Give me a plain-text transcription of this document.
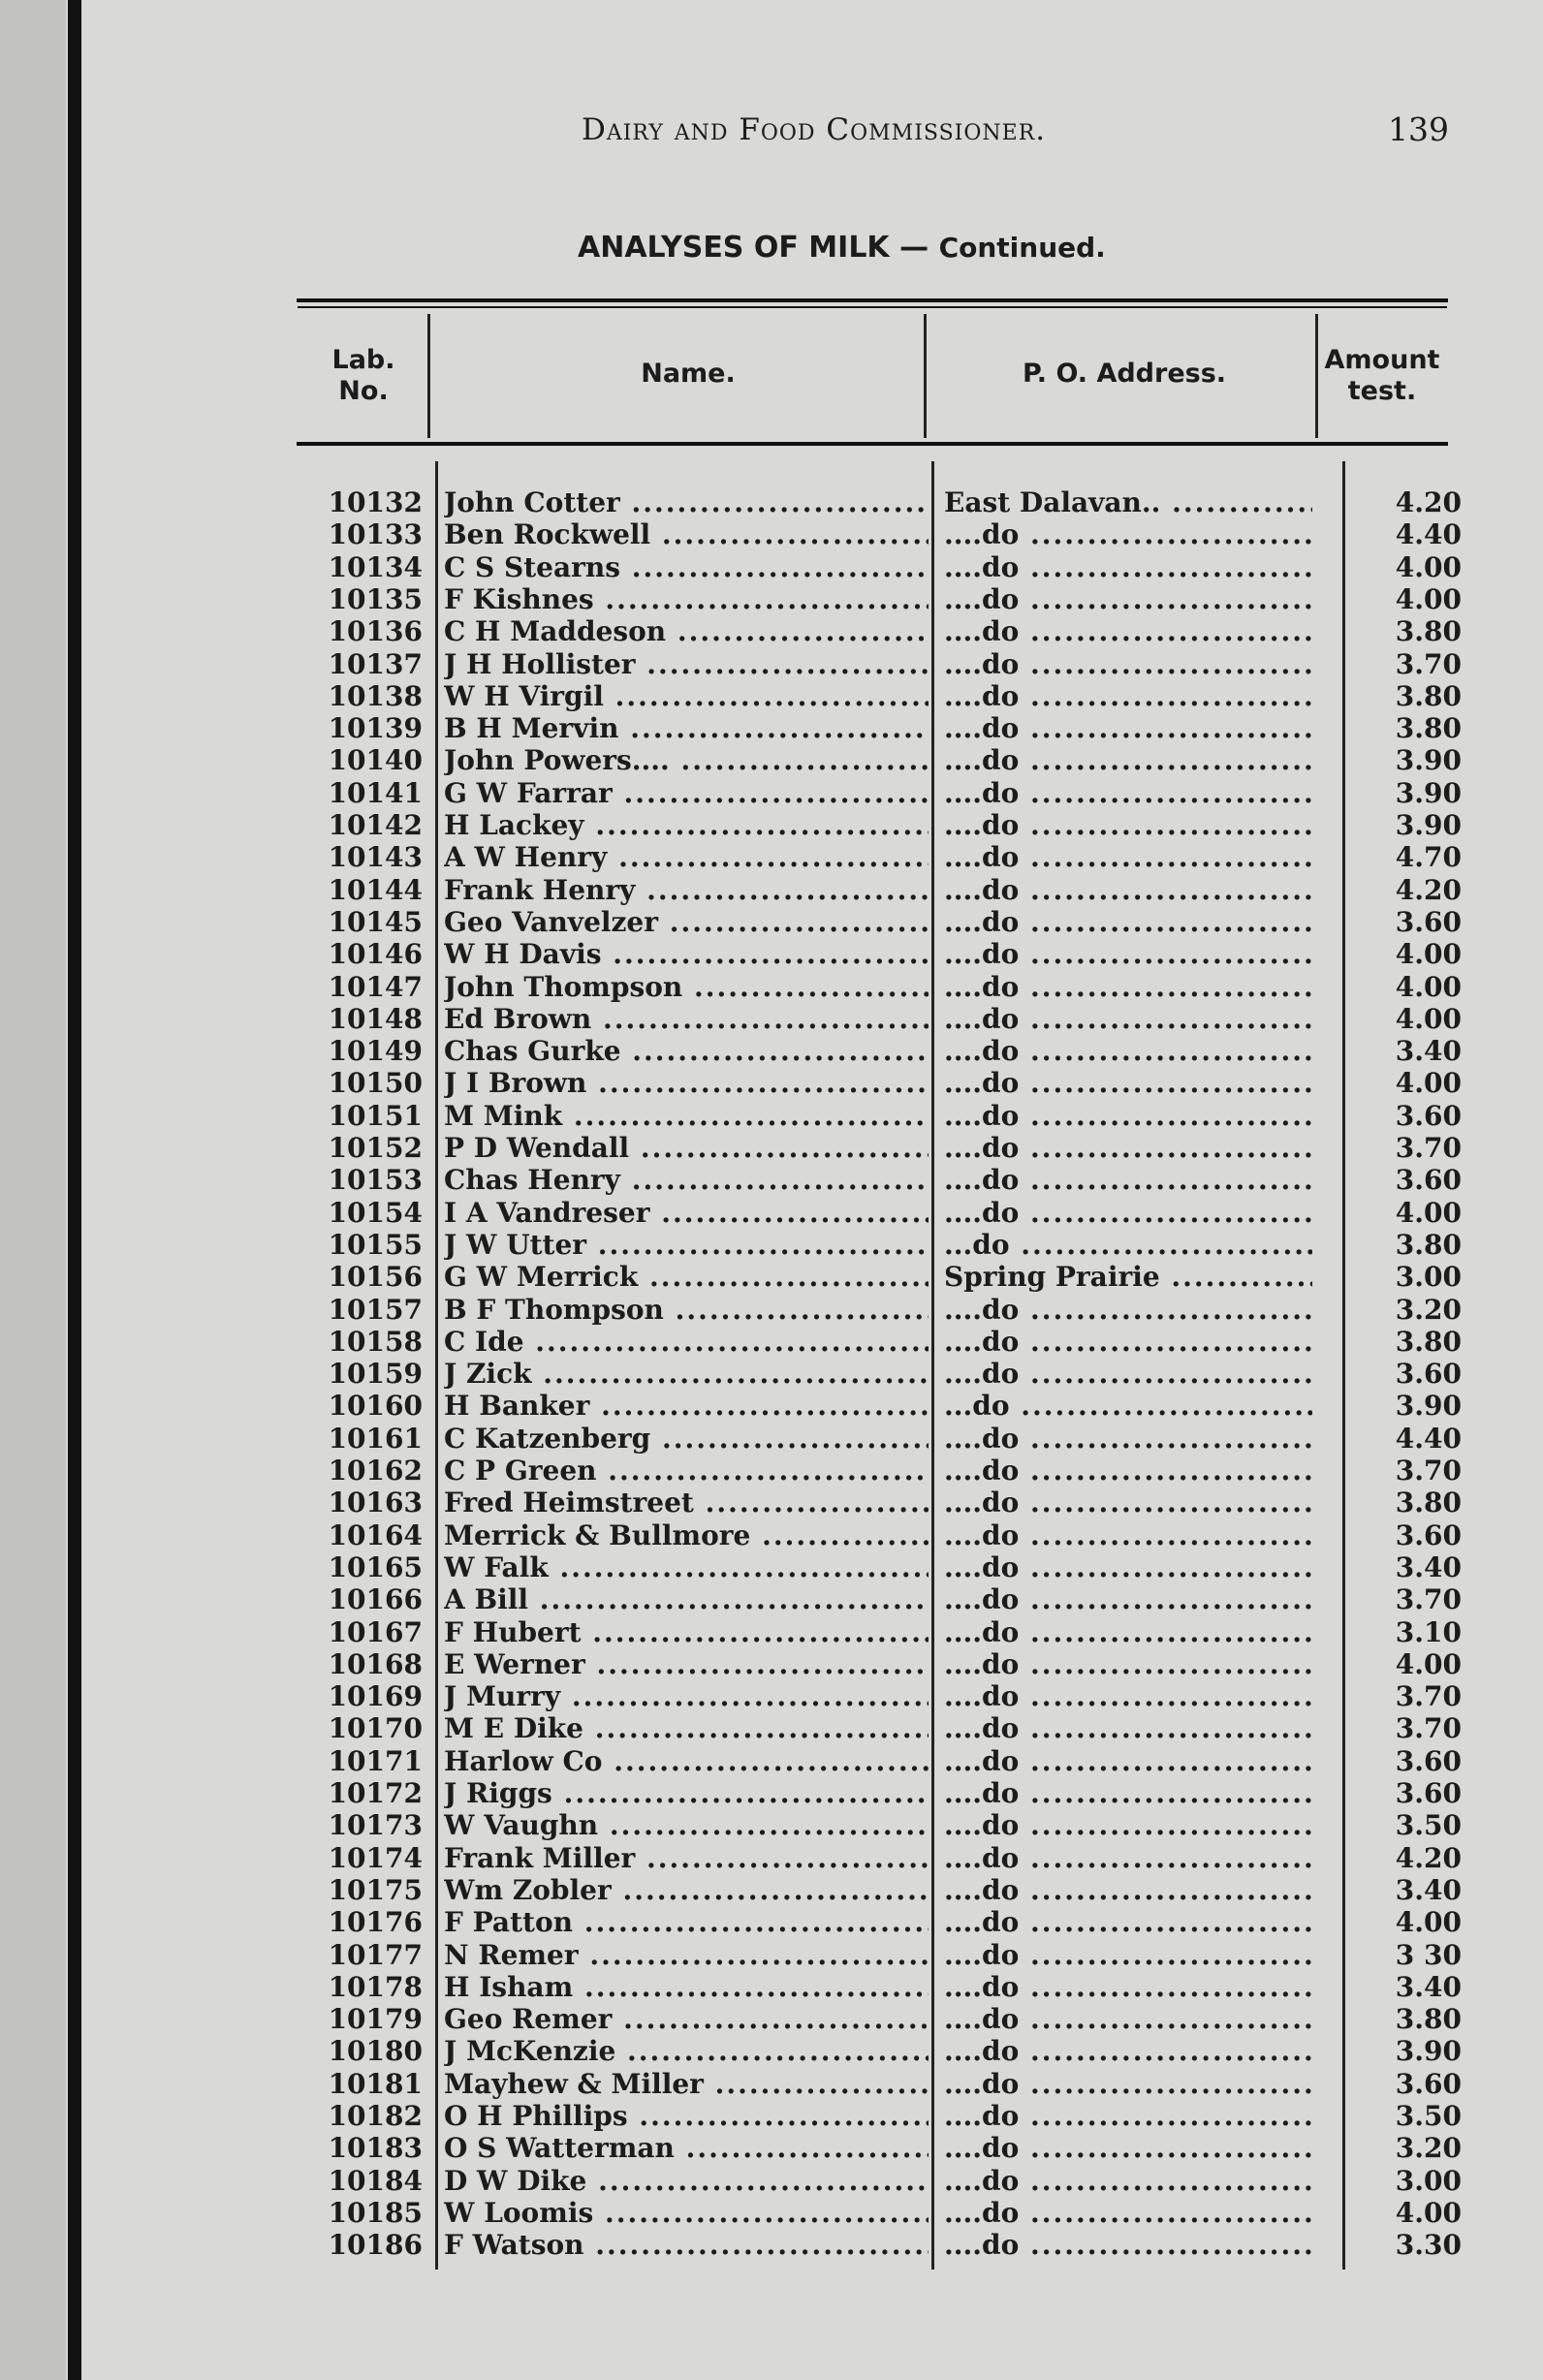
Dairy and Food Commissioner.	139
ANALYSES OF MILK — Continued.
Lab. No.
Name.	P. O. Address.	Amount test.
10132 John Cotter .....	East Dalavan.. .....	4.20
10133 Ben Rockwell .....	....do .....	4.40
10134 C S Stearns .....	....do .....	4.00
10135 F Kishnes .....	....do .....	4.00
10136 C H Maddeson .....	....do .....	3.80
10137 J H Hollister .....	....do .....	3.70
10138 W H Virgil .....	....do .....	3.80
10139 B H Mervin .....	....do .....	3.80
10140 John Powers.... .....	....do .....	3.90
10141 G W Farrar .....	....do .....	3.90
10142 H Lackey .....	....do .....	3.90
10143 A W Henry .....	....do .....	4.70
10144 Frank Henry .....	....do .....	4.20
10145 Geo Vanvelzer .....	....do .....	3.60
10146 W H Davis .....	....do .....	4.00
10147 John Thompson .....	....do .....	4.00
10148 Ed Brown .....	....do .....	4.00
10149 Chas Gurke .....	....do .....	3.40
10150 J I Brown .....	....do .....	4.00
10151 M Mink .....	....do .....	3.60
10152 P D Wendall .....	....do .....	3.70
10153 Chas Henry .....	....do .....	3.60
10154 I A Vandreser .....	....do .....	4.00
10155 J W Utter .....	...do .....	3.80
10156 G W Merrick .....	Spring Prairie .....	3.00
10157 B F Thompson .....	....do .....	3.20
10158 C Ide .....	....do .....	3.80
10159 J Zick .....	....do .....	3.60
10160 H Banker .....	...do .....	3.90
10161 C Katzenberg .....	....do .....	4.40
10162 C P Green .....	....do .....	3.70
10163 Fred Heimstreet .....	....do .....	3.80
10164 Merrick & Bullmore .....	....do .....	3.60
10165 W Falk .....	....do .....	3.40
10166 A Bill .....	....do .....	3.70
10167 F Hubert .....	....do .....	3.10
10168 E Werner .....	....do .....	4.00
10169 J Murry .....	....do .....	3.70
10170 M E Dike .....	....do .....	3.70
10171 Harlow Co .....	....do .....	3.60
10172 J Riggs .....	....do .....	3.60
10173 W Vaughn .....	....do .....	3.50
10174 Frank Miller .....	....do .....	4.20
10175 Wm Zobler .....	....do .....	3.40
10176 F Patton .....	....do .....	4.00
10177 N Remer .....	....do .....	3 30
10178 H Isham .....	....do .....	3.40
10179 Geo Remer .....	....do .....	3.80
10180 J McKenzie .....	....do .....	3.90
10181 Mayhew & Miller .....	....do .....	3.60
10182 O H Phillips .....	....do .....	3.50
10183 O S Watterman .....	....do .....	3.20
10184 D W Dike .....	....do .....	3.00
10185 W Loomis .....	....do .....	4.00
10186 F Watson .....	....do .....	3.30
